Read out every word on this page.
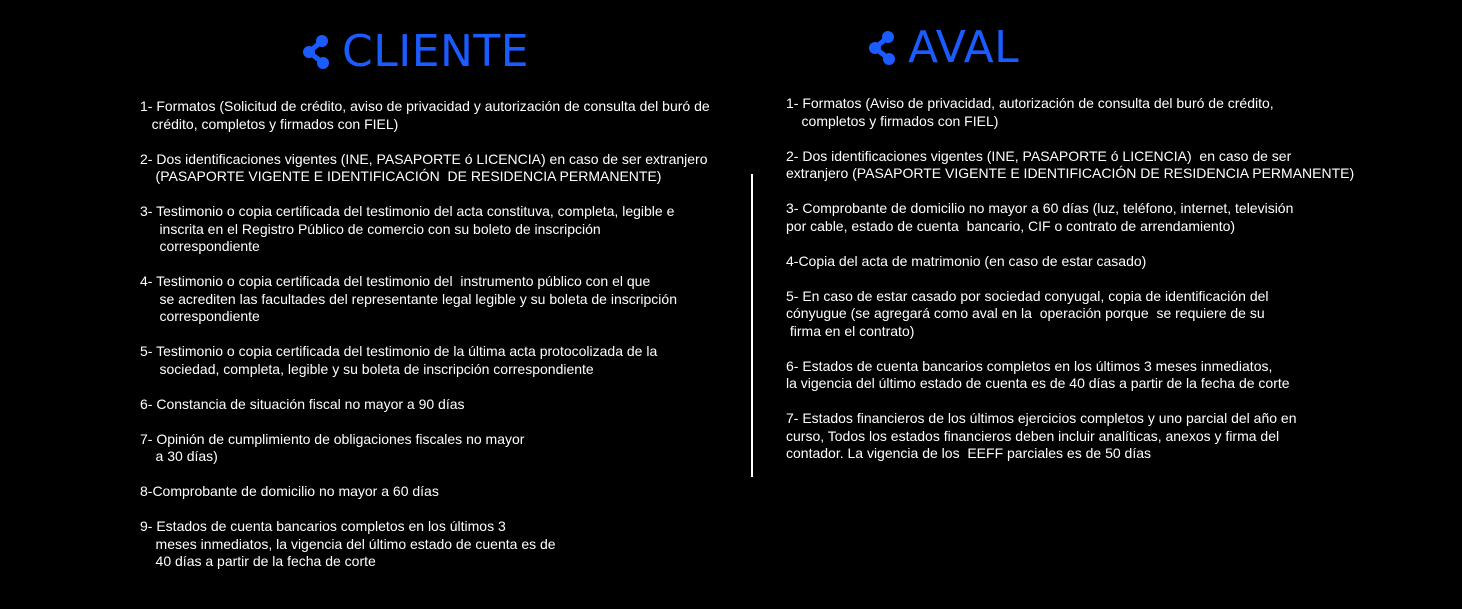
CLIENTE
1- Formatos (Solicitud de crédito, aviso de privacidad y autorización de consulta del buró de
crédito, completos y firmados con FIEL)
2- Dos identificaciones vigentes (INE, PASAPORTE ó LICENCIA) en caso de ser extranjero
(PASAPORTE VIGENTE E IDENTIFICACIÓN  DE RESIDENCIA PERMANENTE)
3- Testimonio o copia certificada del testimonio del acta constituva, completa, legible e
inscrita en el Registro Público de comercio con su boleto de inscripción
correspondiente
4- Testimonio o copia certificada del testimonio del  instrumento público con el que
se acrediten las facultades del representante legal legible y su boleta de inscripción
correspondiente
5- Testimonio o copia certificada del testimonio de la última acta protocolizada de la
sociedad, completa, legible y su boleta de inscripción correspondiente
6- Constancia de situación fiscal no mayor a 90 días
7- Opinión de cumplimiento de obligaciones fiscales no mayor
a 30 días)
8-Comprobante de domicilio no mayor a 60 días
9- Estados de cuenta bancarios completos en los últimos 3
meses inmediatos, la vigencia del último estado de cuenta es de
40 días a partir de la fecha de corte
AVAL
1- Formatos (Aviso de privacidad, autorización de consulta del buró de crédito,
completos y firmados con FIEL)
2- Dos identificaciones vigentes (INE, PASAPORTE ó LICENCIA)  en caso de ser
extranjero (PASAPORTE VIGENTE E IDENTIFICACIÓN DE RESIDENCIA PERMANENTE)
3- Comprobante de domicilio no mayor a 60 días (luz, teléfono, internet, televisión
por cable, estado de cuenta  bancario, CIF o contrato de arrendamiento)
4-Copia del acta de matrimonio (en caso de estar casado)
5- En caso de estar casado por sociedad conyugal, copia de identificación del
cónyugue (se agregará como aval en la  operación porque  se requiere de su
firma en el contrato)
6- Estados de cuenta bancarios completos en los últimos 3 meses inmediatos,
la vigencia del último estado de cuenta es de 40 días a partir de la fecha de corte
7- Estados financieros de los últimos ejercicios completos y uno parcial del año en
curso, Todos los estados financieros deben incluir analíticas, anexos y firma del
contador. La vigencia de los  EEFF parciales es de 50 días
